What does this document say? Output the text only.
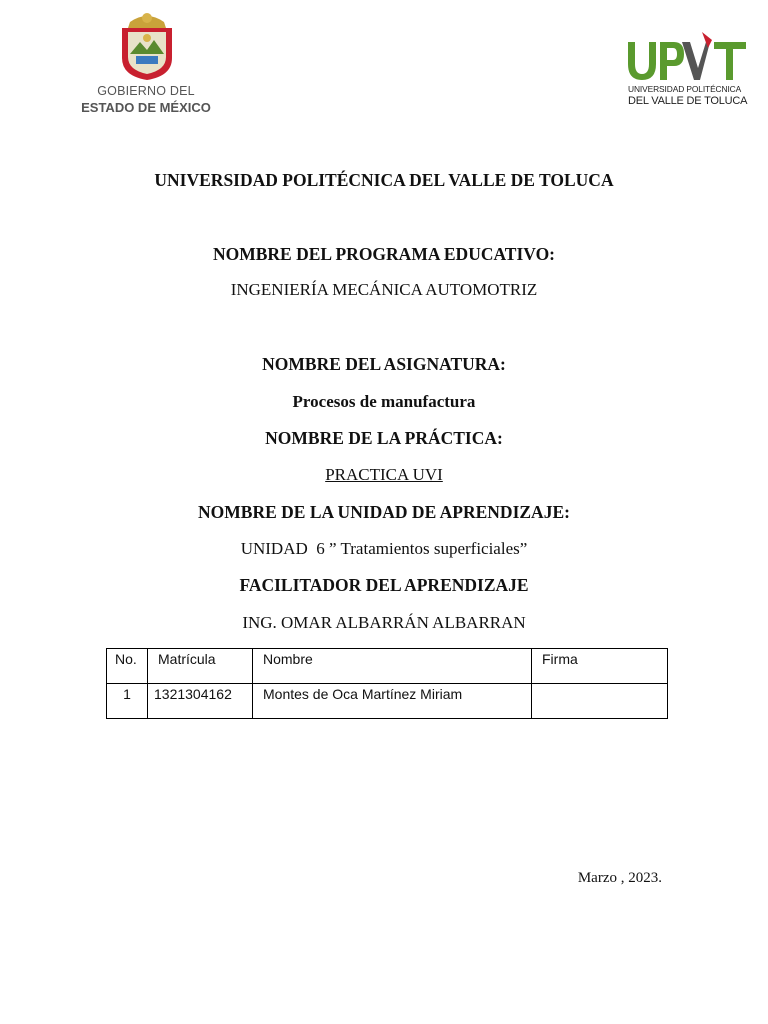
GOBIERNO DEL
ESTADO DE MÉXICO
UNIVERSIDAD POLITÉCNICA
DEL VALLE DE TOLUCA
UNIVERSIDAD POLITÉCNICA DEL VALLE DE TOLUCA
NOMBRE DEL PROGRAMA EDUCATIVO:
INGENIERÍA MECÁNICA AUTOMOTRIZ
NOMBRE DEL ASIGNATURA:
Procesos de manufactura
NOMBRE DE LA PRÁCTICA:
PRACTICA UVI
NOMBRE DE LA UNIDAD DE APRENDIZAJE:
UNIDAD  6 ” Tratamientos superficiales”
FACILITADOR DEL APRENDIZAJE
ING. OMAR ALBARRÁN ALBARRAN
No.	Matrícula	Nombre	Firma

1	1321304162	Montes de Oca Martínez Miriam	

Marzo , 2023.
